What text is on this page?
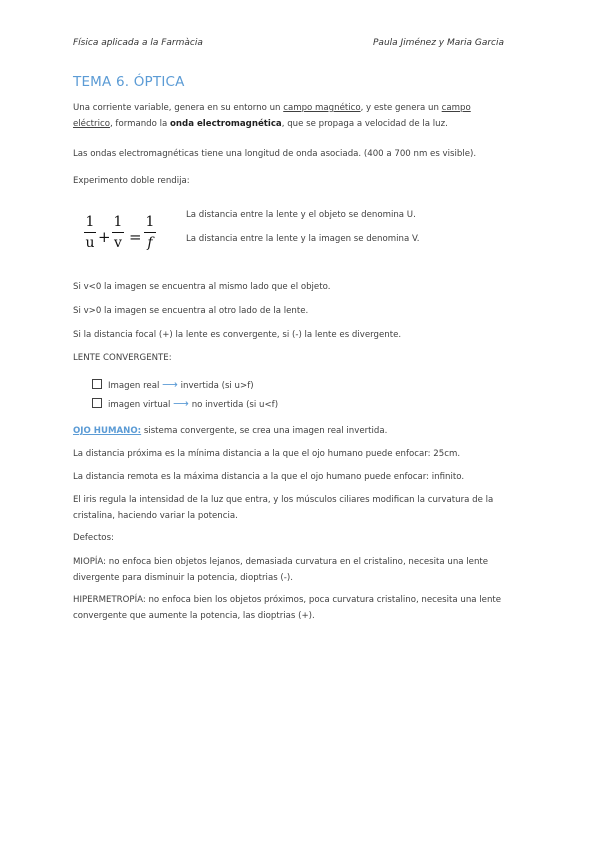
Física aplicada a la Farmàcia	Paula Jiménez y Maria Garcia
TEMA 6. ÓPTICA
Una corriente variable, genera en su entorno un campo magnético, y este genera un campo
eléctrico, formando la onda electromagnética, que se propaga a velocidad de la luz.
Las ondas electromagnéticas tiene una longitud de onda asociada. (400 a 700 nm es visible).
Experimento doble rendija:
1
u +
1
v =
1
f
La distancia entre la lente y el objeto se denomina U.
La distancia entre la lente y la imagen se denomina V.
Si v<0 la imagen se encuentra al mismo lado que el objeto.
Si v>0 la imagen se encuentra al otro lado de la lente.
Si la distancia focal (+) la lente es convergente, si (-) la lente es divergente.
LENTE CONVERGENTE:
Imagen real ⟶ invertida (si u>f)
imagen virtual ⟶ no invertida (si u<f)
OJO HUMANO: sistema convergente, se crea una imagen real invertida.
La distancia próxima es la mínima distancia a la que el ojo humano puede enfocar: 25cm.
La distancia remota es la máxima distancia a la que el ojo humano puede enfocar: infinito.
El iris regula la intensidad de la luz que entra, y los músculos ciliares modifican la curvatura de la cristalina, haciendo variar la potencia.
Defectos:
MIOPÍA: no enfoca bien objetos lejanos, demasiada curvatura en el cristalino, necesita una lente divergente para disminuir la potencia, dioptrias (-).
HIPERMETROPÍA: no enfoca bien los objetos próximos, poca curvatura cristalino, necesita una lente convergente que aumente la potencia, las dioptrias (+).
